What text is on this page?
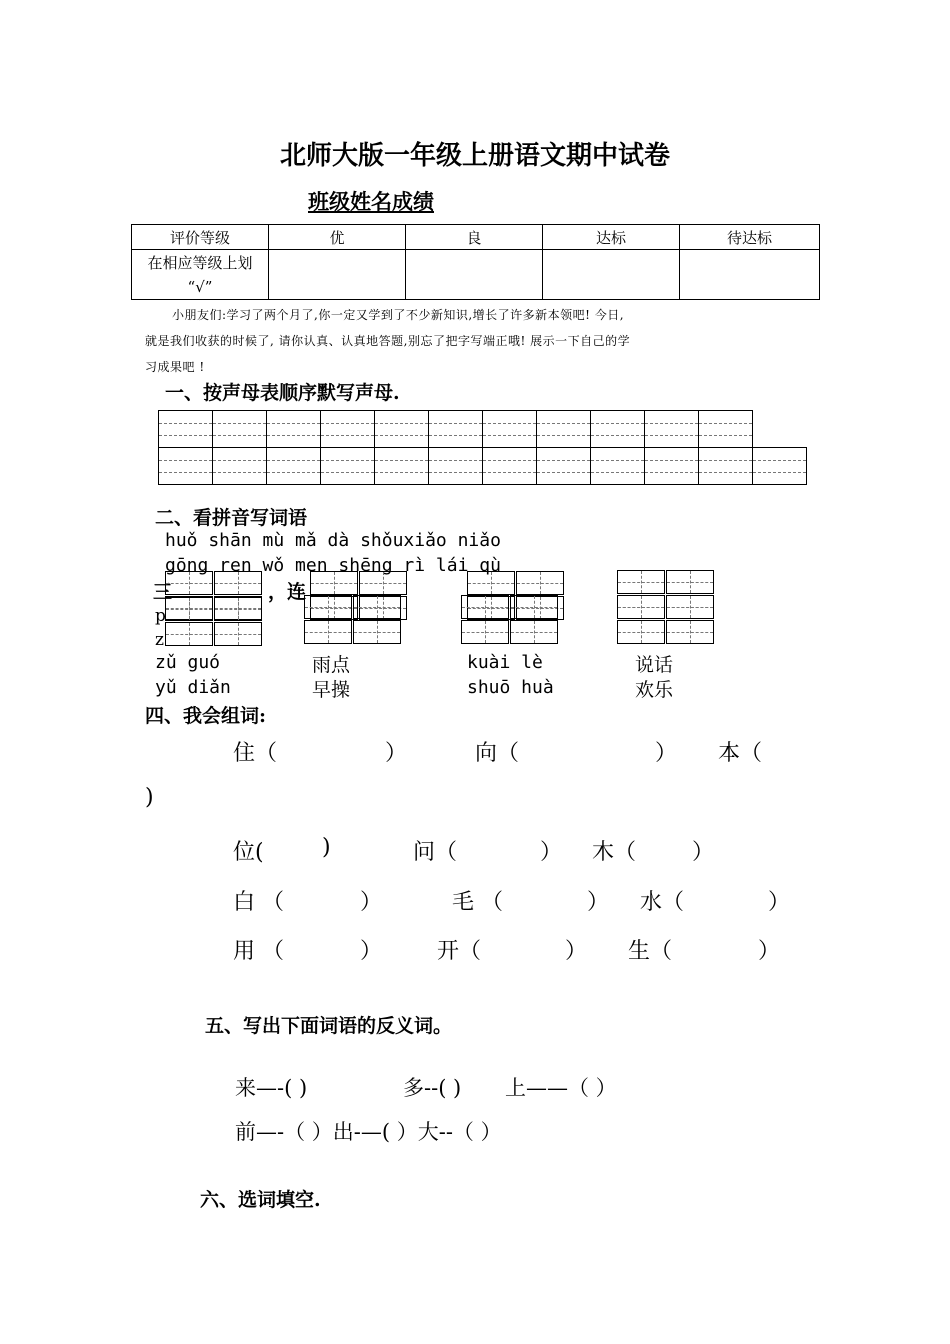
北师大版一年级上册语文期中试卷
班级姓名成绩
评价等级	优	良	达标	待达标
在相应等级上划
“√”				
小朋友们:学习了两个月了,你一定又学到了不少新知识,增长了许多新本领吧! 今日,
就是我们收获的时候了, 请你认真、认真地答题,别忘了把字写端正哦! 展示一下自己的学
习成果吧 !
一、按声母表顺序默写声母.
二、看拼音写词语
huǒ shān mù mǎ dà shǒuxiǎo niǎo
gōng ren wǒ men shēng rì lái qù
三	，连
p
z
zǔ guó
yǔ diǎn
雨点
早操
kuài lè
shuō huà
说话
欢乐
四、我会组词:
住（	）	向（	） 本（
)
位(	)	问（	） 木（	）
白 （	）	毛 （	） 水（	）
用 （	） 开（	） 生（	）
五、写出下面词语的反义词。
来—-( )	多--( ) 上——（ ）
前—-（ ）出-—( ）大--（ ）
六、选词填空.
